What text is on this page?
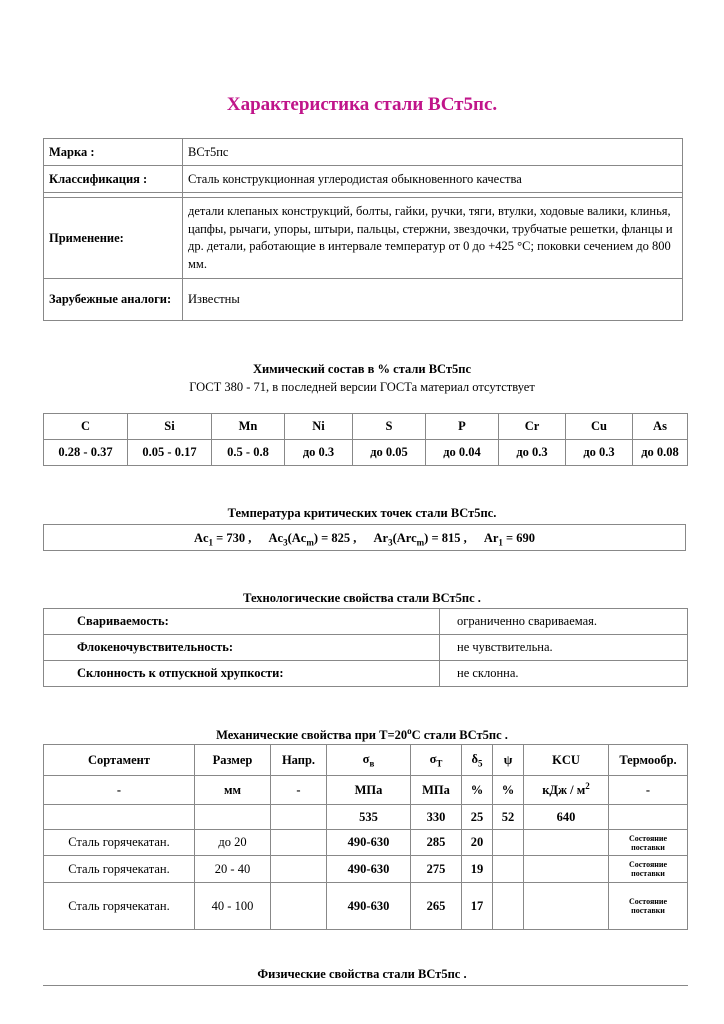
Характеристика стали ВСт5пс.
Марка :	ВСт5пс
Классификация :	Сталь конструкционная углеродистая обыкновенного качества

Применение:	детали клепаных конструкций, болты, гайки, ручки, тяги, втулки, ходовые валики, клинья, цапфы, рычаги, упоры, штыри, пальцы, стержни, звездочки, трубчатые решетки, фланцы и др. детали, работающие в интервале температур от 0 до +425 °C; поковки сечением до 800 мм.
Зарубежные аналоги:	Известны
Химический состав в % стали ВСт5пс
ГОСТ 380 - 71, в последней версии ГОСТа материал отсутствует
C	Si	Mn	Ni	S	P	Cr	Cu	As
0.28 - 0.37	0.05 - 0.17	0.5 - 0.8	до 0.3	до 0.05	до 0.04	до 0.3	до 0.3	до 0.08
Температура критических точек стали ВСт5пс.
$Ac_1 = 730$ , $Ac_3(Ac_m) = 825$ , $Ar_3(Arc_m) = 815$ , $Ar_1 = 690$
Технологические свойства стали ВСт5пс .
Свариваемость:	ограниченно свариваемая.
Флокеночувствительность:	не чувствительна.
Склонность к отпускной хрупкости:	не склонна.
Механические свойства при $Т=20^oС$ стали ВСт5пс .
Сортамент	Размер	Напр.	$\sigma_в$	$\sigma_T$	$\delta_5$	ψ	KCU	Термообр.
-	мм	-	МПа	МПа	%	%	кДж / $м^2$	-
			535	330	25	52	640	
Сталь горячекатан.	до 20		490-630	285	20			Состояние поставки
Сталь горячекатан.	20 - 40		490-630	275	19			Состояние поставки
Сталь горячекатан.	40 - 100		490-630	265	17			Состояние поставки
Физические свойства стали ВСт5пс .
